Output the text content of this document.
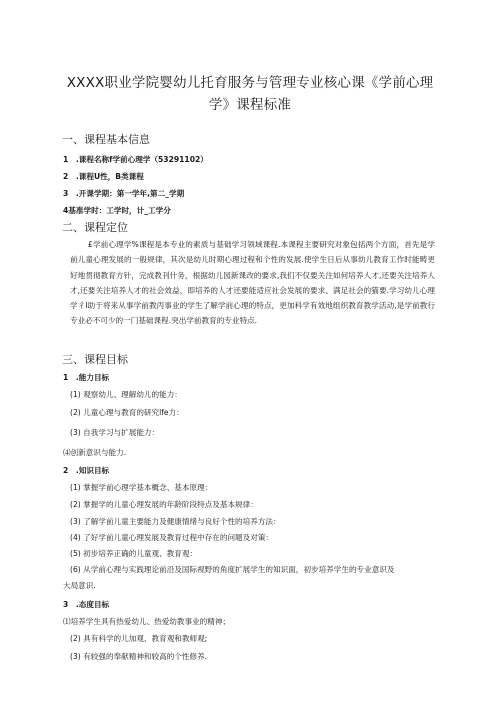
XXXX职业学院婴幼儿托育服务与管理专业核心课《学前心理学》课程标准
一、课程基本信息
1　.课程名称f学前心理学（53291102）
2　.课程U性，B类课程
3　.开课学期：第一学年,第二_学期
4基准学时：工学时，计_工学分
二、课程定位
£学前心理学%课程是本专业的素质与基础学习领域课程.本课程主要研究对象包括两个方面，首先是学前儿童心理发展的一般规律，其次是幼儿时期心理过程和个性的发展.使学生日后从事幼儿教育工作时能畴更好地贯彻教育方针，完成教刊什务，根据幼儿园新课改的要求,我们不仅要关注如何培养人才,还要关注培养人才,还要关注培养人才的社会效益，即培养的人才还要能适应社会发展的要求、满足社会的猫要.学习幼儿心理学彳I助于将来从事学前教丙事业的学生了解学前心理的特点，更加科学有效地组织教育教学活动,是学前教行专业必不可少的一门基础课程.突出学前教育的专业特点.
三、课程目标
1　.能力目标
(1) 观察幼儿、理解幼儿的能力：
(2) 儿童心理与教育的研究lfe力：
(3) 自我学习与扩展能力：
⑷创新意识与能力.
2　.知识目标
(1) 掌握学前心理学基本概念、基本原理：
(2) 掌握学的儿童心理发展的年龄阶段特点及基本规律：
(3) 了解学前儿童主要能力及健康情绪与良好个性的培养方法：
(4) 了好学前儿童心理发展及教育过程中存在的问题及对策：
(5) 初步培养正确的儿童观、教育观：
(6) 从学前心理与实践理论前沿及国际视野的角度扩展学生的知识面，初步培养学生的专业意识及
大局意识.
3　.态度目标
⑴培养学生具有热爱幼儿、热爱幼教事业的精神；
(2) 具有科学的儿加观、教育观和教师观;
(3) 有较强的奉献精神和较高的个性修养.
